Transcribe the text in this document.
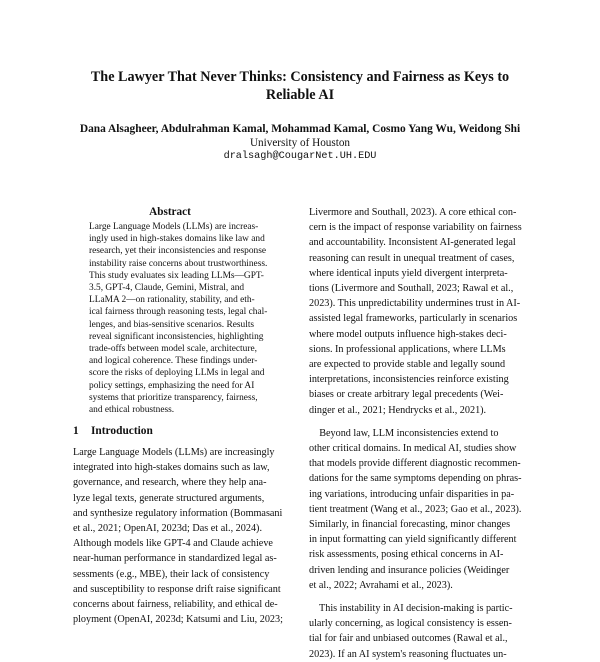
The Lawyer That Never Thinks: Consistency and Fairness as Keys to
Reliable AI
Dana Alsagheer, Abdulrahman Kamal, Mohammad Kamal, Cosmo Yang Wu, Weidong Shi
University of Houston
dralsagh@CougarNet.UH.EDU
Abstract
Large Language Models (LLMs) are increas-
ingly used in high-stakes domains like law and
research, yet their inconsistencies and response
instability raise concerns about trustworthiness.
This study evaluates six leading LLMs—GPT-
3.5, GPT-4, Claude, Gemini, Mistral, and
LLaMA 2—on rationality, stability, and eth-
ical fairness through reasoning tests, legal chal-
lenges, and bias-sensitive scenarios. Results
reveal significant inconsistencies, highlighting
trade-offs between model scale, architecture,
and logical coherence. These findings under-
score the risks of deploying LLMs in legal and
policy settings, emphasizing the need for AI
systems that prioritize transparency, fairness,
and ethical robustness.
1 Introduction
Large Language Models (LLMs) are increasingly
integrated into high-stakes domains such as law,
governance, and research, where they help ana-
lyze legal texts, generate structured arguments,
and synthesize regulatory information (Bommasani
et al., 2021; OpenAI, 2023d; Das et al., 2024).
Although models like GPT-4 and Claude achieve
near-human performance in standardized legal as-
sessments (e.g., MBE), their lack of consistency
and susceptibility to response drift raise significant
concerns about fairness, reliability, and ethical de-
ployment (OpenAI, 2023d; Katsumi and Liu, 2023;
Livermore and Southall, 2023). A core ethical con-
cern is the impact of response variability on fairness
and accountability. Inconsistent AI-generated legal
reasoning can result in unequal treatment of cases,
where identical inputs yield divergent interpreta-
tions (Livermore and Southall, 2023; Rawal et al.,
2023). This unpredictability undermines trust in AI-
assisted legal frameworks, particularly in scenarios
where model outputs influence high-stakes deci-
sions. In professional applications, where LLMs
are expected to provide stable and legally sound
interpretations, inconsistencies reinforce existing
biases or create arbitrary legal precedents (Wei-
dinger et al., 2021; Hendrycks et al., 2021).
Beyond law, LLM inconsistencies extend to
other critical domains. In medical AI, studies show
that models provide different diagnostic recommen-
dations for the same symptoms depending on phras-
ing variations, introducing unfair disparities in pa-
tient treatment (Wang et al., 2023; Gao et al., 2023).
Similarly, in financial forecasting, minor changes
in input formatting can yield significantly different
risk assessments, posing ethical concerns in AI-
driven lending and insurance policies (Weidinger
et al., 2022; Avrahami et al., 2023).
This instability in AI decision-making is partic-
ularly concerning, as logical consistency is essen-
tial for fair and unbiased outcomes (Rawal et al.,
2023). If an AI system's reasoning fluctuates un-
